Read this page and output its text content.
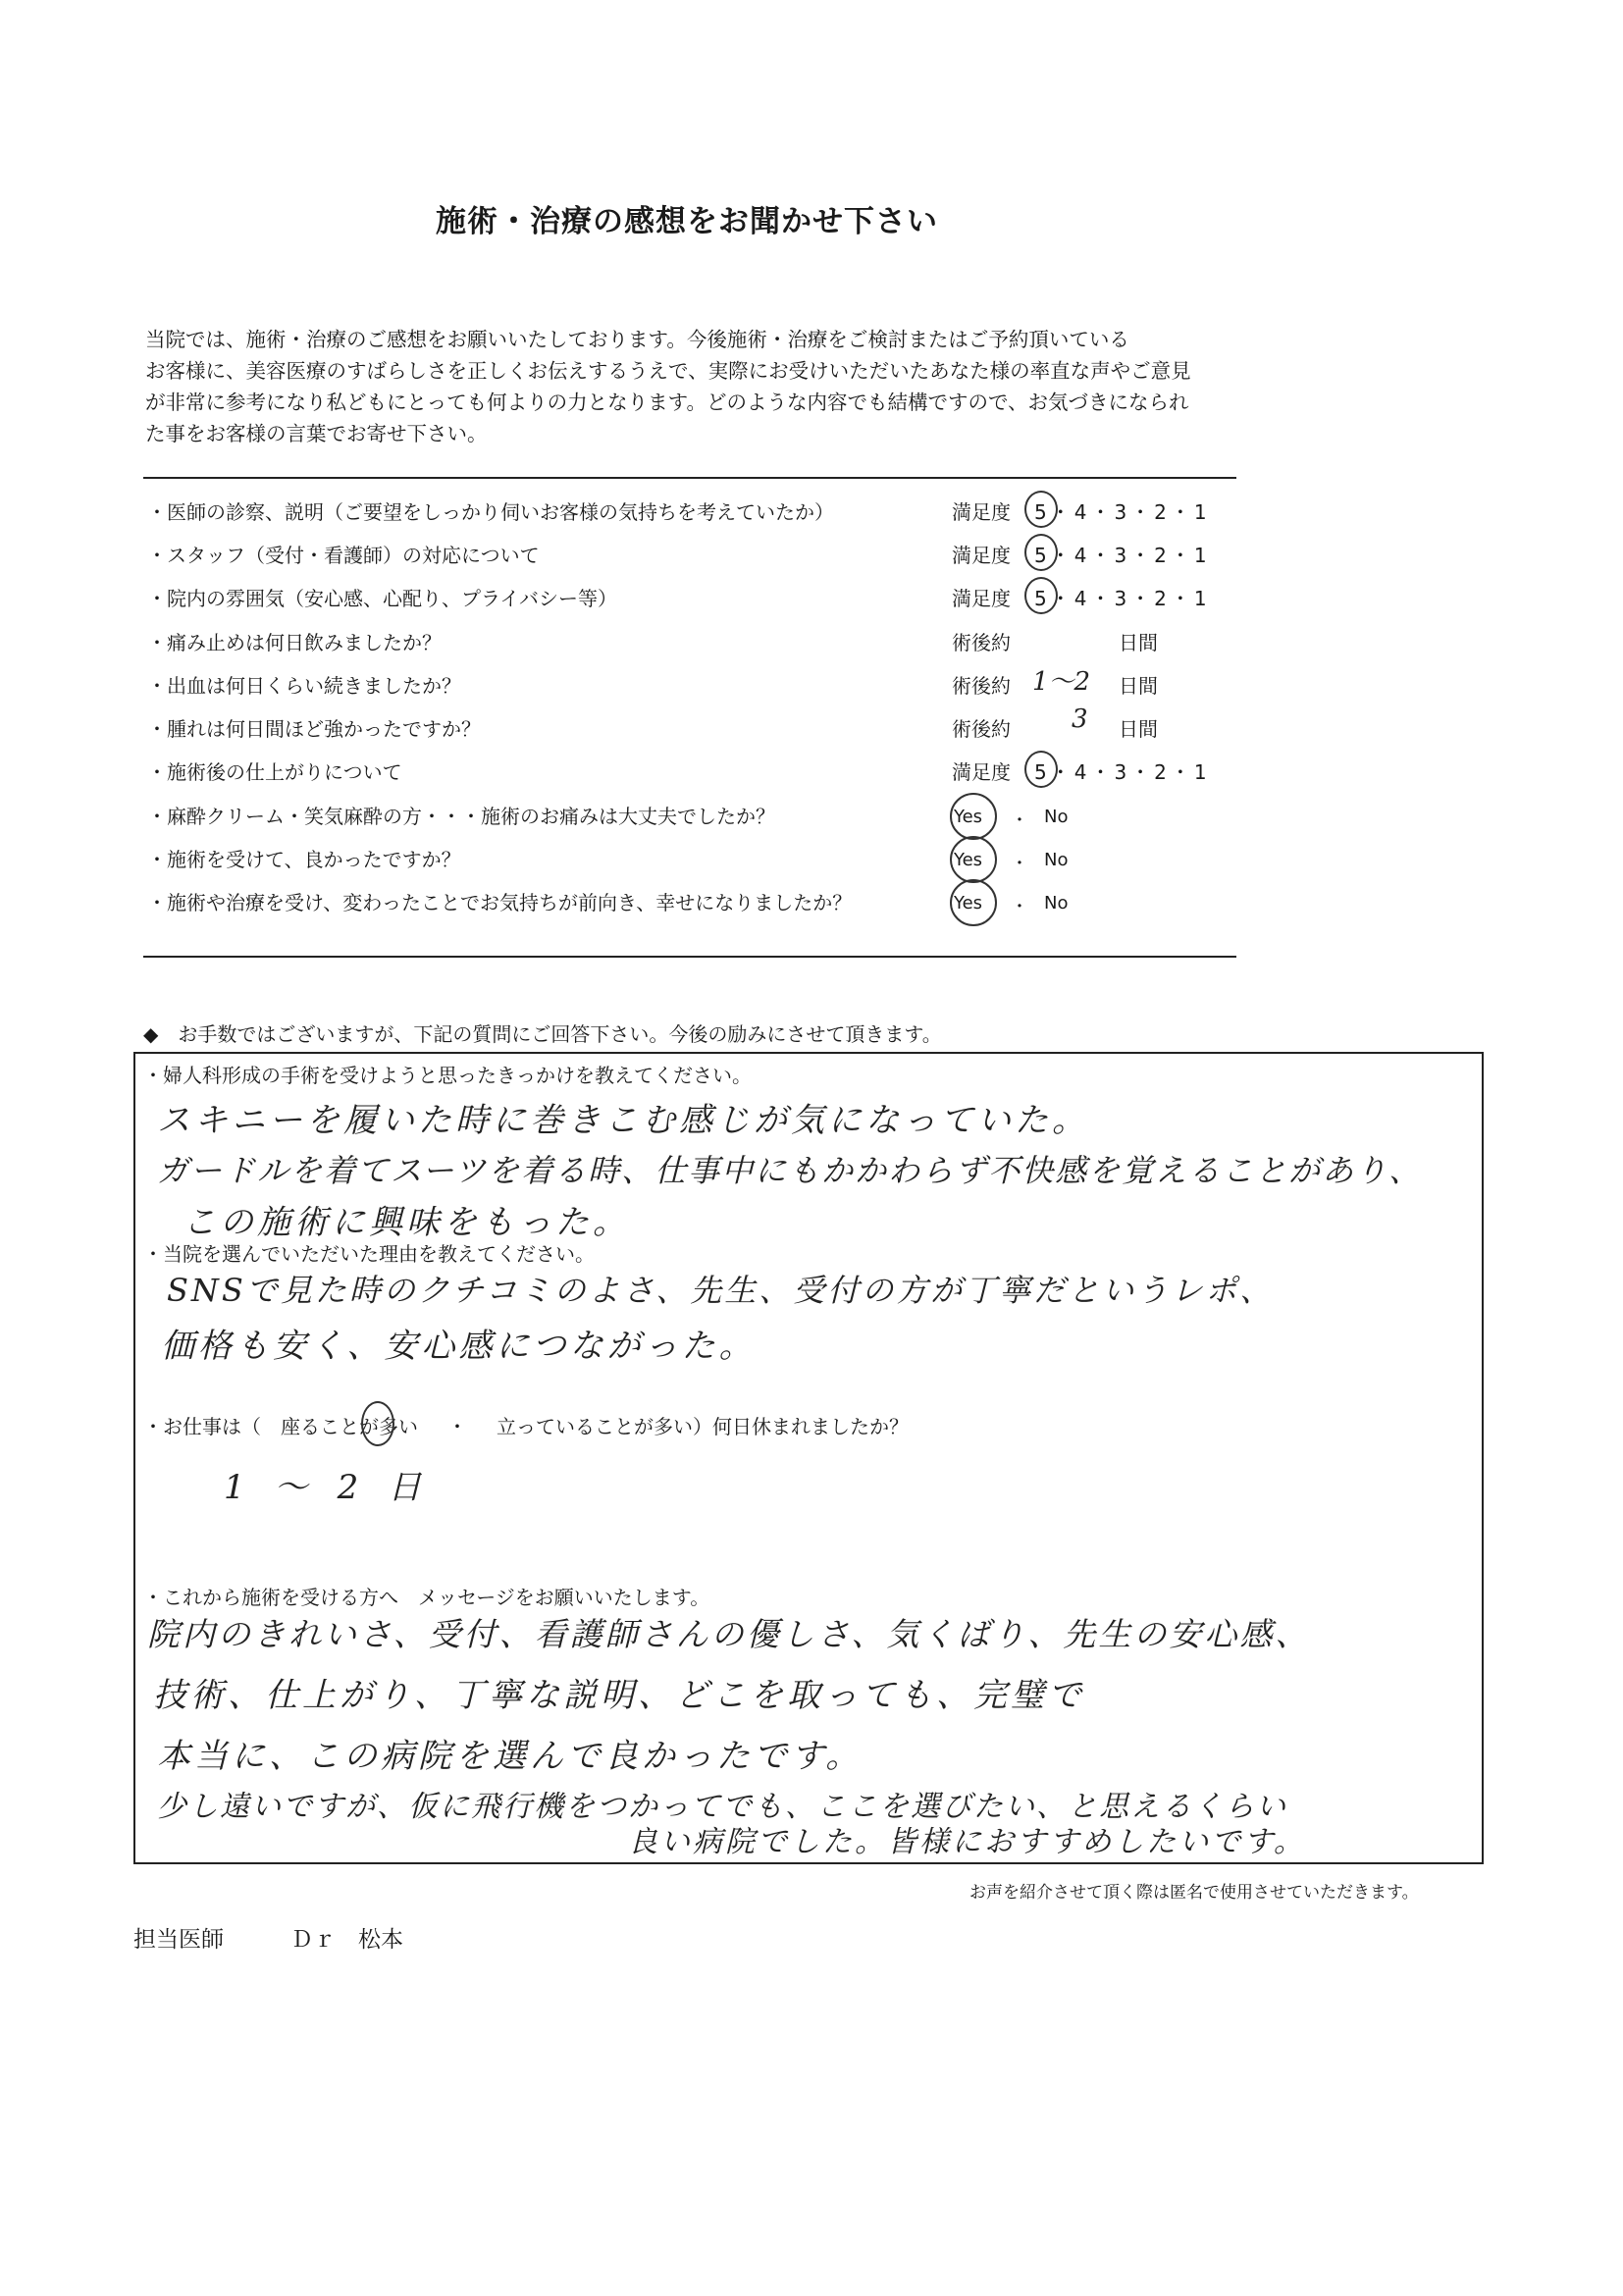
施術・治療の感想をお聞かせ下さい
当院では、施術・治療のご感想をお願いいたしております。今後施術・治療をご検討またはご予約頂いている
お客様に、美容医療のすばらしさを正しくお伝えするうえで、実際にお受けいただいたあなた様の率直な声やご意見
が非常に参考になり私どもにとっても何よりの力となります。どのような内容でも結構ですので、お気づきになられ
た事をお客様の言葉でお寄せ下さい。
・医師の診察、説明（ご要望をしっかり伺いお客様の気持ちを考えていたか）	満足度 5・4・3・2・1
・スタッフ（受付・看護師）の対応について	満足度 5・4・3・2・1
・院内の雰囲気（安心感、心配り、プライバシー等）	満足度 5・4・3・2・1
・痛み止めは何日飲みましたか？	術後約	日間
・出血は何日くらい続きましたか？	術後約 1〜2 日間
・腫れは何日間ほど強かったですか？	術後約 3 日間
・施術後の仕上がりについて	満足度 5・4・3・2・1
・麻酔クリーム・笑気麻酔の方・・・施術のお痛みは大丈夫でしたか？	Yes ・ No
・施術を受けて、良かったですか？	Yes ・ No
・施術や治療を受け、変わったことでお気持ちが前向き、幸せになりましたか？	Yes ・ No
◆　お手数ではございますが、下記の質問にご回答下さい。今後の励みにさせて頂きます。
・婦人科形成の手術を受けようと思ったきっかけを教えてください。
スキニーを履いた時に巻きこむ感じが気になっていた。
ガードルを着てスーツを着る時、仕事中にもかかわらず不快感を覚えることがあり、
この施術に興味をもった。
・当院を選んでいただいた理由を教えてください。
SNSで見た時のクチコミのよさ、先生、受付の方が丁寧だというレポ、
価格も安く、安心感につながった。
・お仕事は（ 座ることが多い ・ 立っていることが多い）何日休まれましたか？
1〜2日
・これから施術を受ける方へ　メッセージをお願いいたします。
院内のきれいさ、受付、看護師さんの優しさ、気くばり、先生の安心感、
技術、仕上がり、丁寧な説明、どこを取っても、完璧で
本当に、この病院を選んで良かったです。
少し遠いですが、仮に飛行機をつかってでも、ここを選びたい、と思えるくらい
良い病院でした。皆様におすすめしたいです。
お声を紹介させて頂く際は匿名で使用させていただきます。
担当医師	Ｄｒ　松本
